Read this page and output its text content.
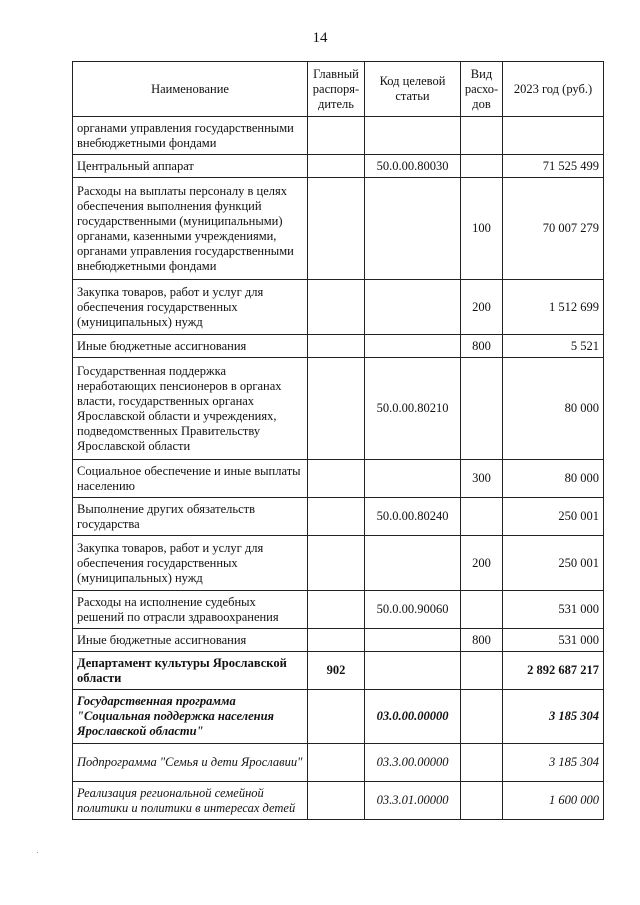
14
Наименование	Главный распоря-дитель	Код целевой статьи	Вид расхо-дов	2023 год (руб.)
органами управления государственными внебюджетными фондами				
Центральный аппарат		50.0.00.80030		71 525 499
Расходы на выплаты персоналу в целях обеспечения выполнения функций государственными (муниципальными) органами, казенными учреждениями, органами управления государственными внебюджетными фондами			100	70 007 279
Закупка товаров, работ и услуг для обеспечения государственных (муниципальных) нужд			200	1 512 699
Иные бюджетные ассигнования			800	5 521
Государственная поддержка неработающих пенсионеров в органах власти, государственных органах Ярославской области и учреждениях, подведомственных Правительству Ярославской области		50.0.00.80210		80 000
Социальное обеспечение и иные выплаты населению			300	80 000
Выполнение других обязательств государства		50.0.00.80240		250 001
Закупка товаров, работ и услуг для обеспечения государственных (муниципальных) нужд			200	250 001
Расходы на исполнение судебных решений по отрасли здравоохранения		50.0.00.90060		531 000
Иные бюджетные ассигнования			800	531 000
Департамент культуры Ярославской области	902			2 892 687 217
Государственная программа "Социальная поддержка населения Ярославской области"		03.0.00.00000		3 185 304
Подпрограмма "Семья и дети Ярославии"		03.3.00.00000		3 185 304
Реализация региональной семейной политики и политики в интересах детей		03.3.01.00000		1 600 000
